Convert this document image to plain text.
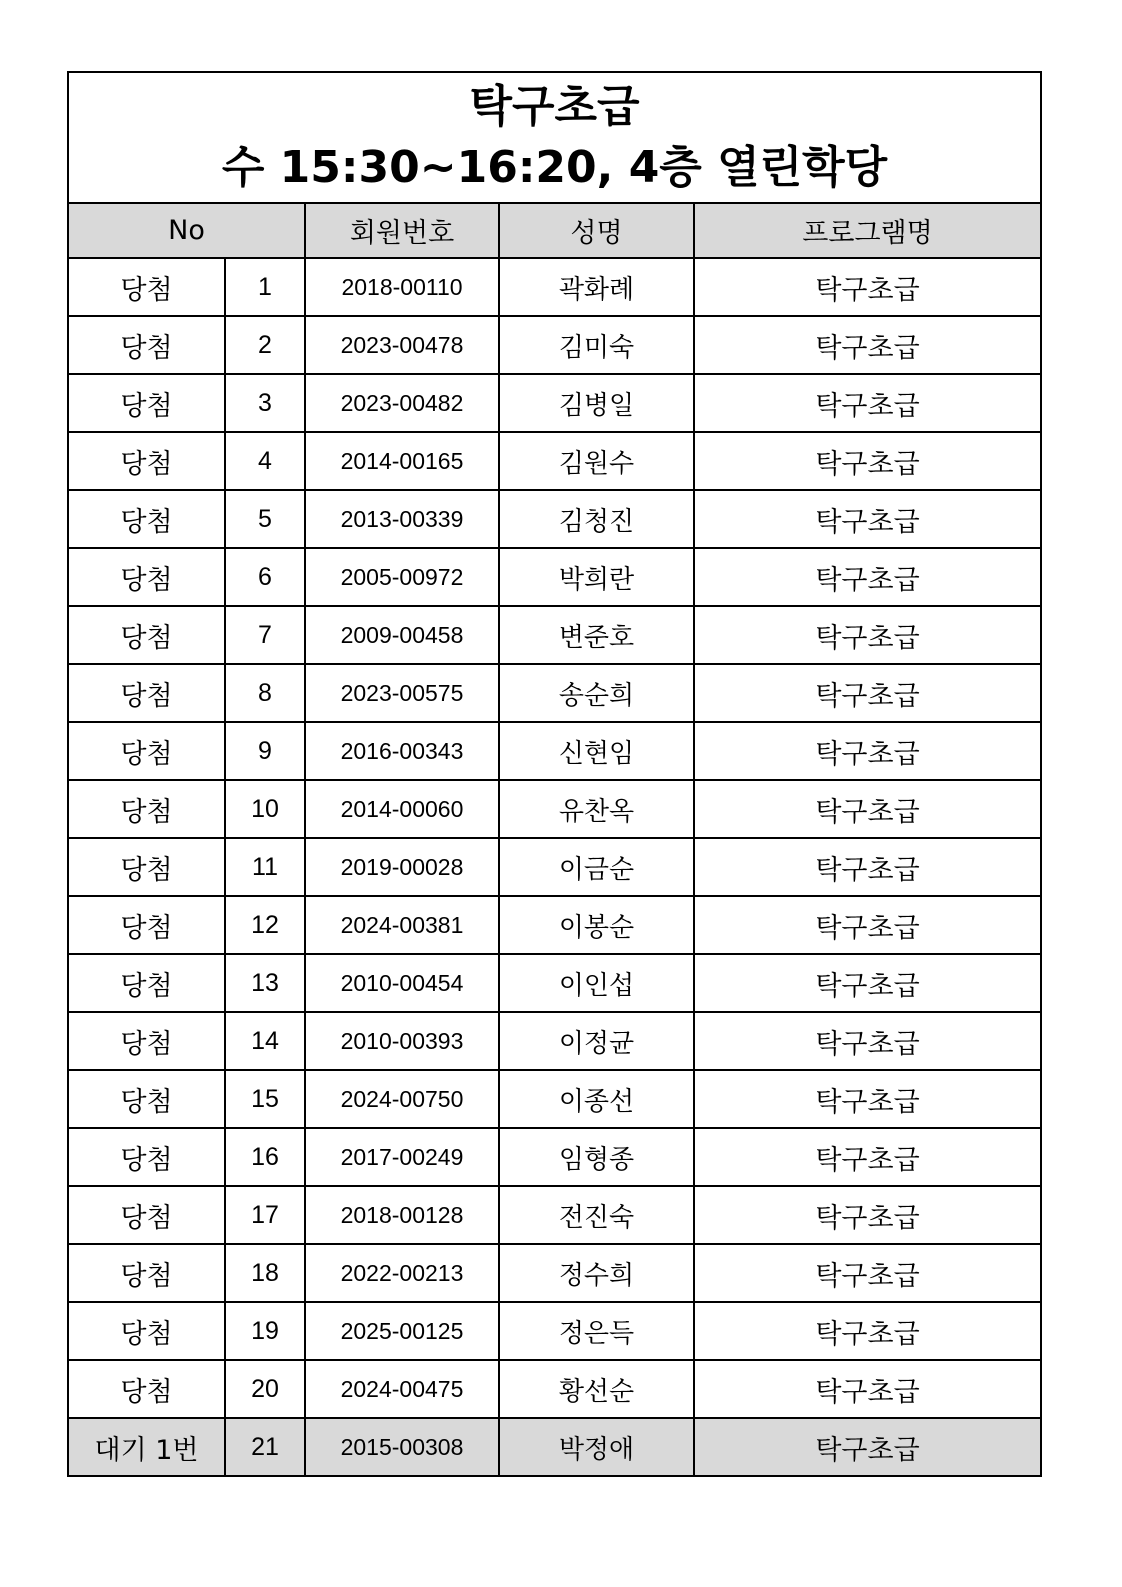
탁구초급
수 15:30~16:20, 4층 열린학당				

No		회원번호	성명	프로그램명
당첨	1	2018-00110	곽화례	탁구초급
당첨	2	2023-00478	김미숙	탁구초급
당첨	3	2023-00482	김병일	탁구초급
당첨	4	2014-00165	김원수	탁구초급
당첨	5	2013-00339	김청진	탁구초급
당첨	6	2005-00972	박희란	탁구초급
당첨	7	2009-00458	변준호	탁구초급
당첨	8	2023-00575	송순희	탁구초급
당첨	9	2016-00343	신현임	탁구초급
당첨	10	2014-00060	유찬옥	탁구초급
당첨	11	2019-00028	이금순	탁구초급
당첨	12	2024-00381	이봉순	탁구초급
당첨	13	2010-00454	이인섭	탁구초급
당첨	14	2010-00393	이정균	탁구초급
당첨	15	2024-00750	이종선	탁구초급
당첨	16	2017-00249	임형종	탁구초급
당첨	17	2018-00128	전진숙	탁구초급
당첨	18	2022-00213	정수희	탁구초급
당첨	19	2025-00125	정은득	탁구초급
당첨	20	2024-00475	황선순	탁구초급
대기 1번	21	2015-00308	박정애	탁구초급
